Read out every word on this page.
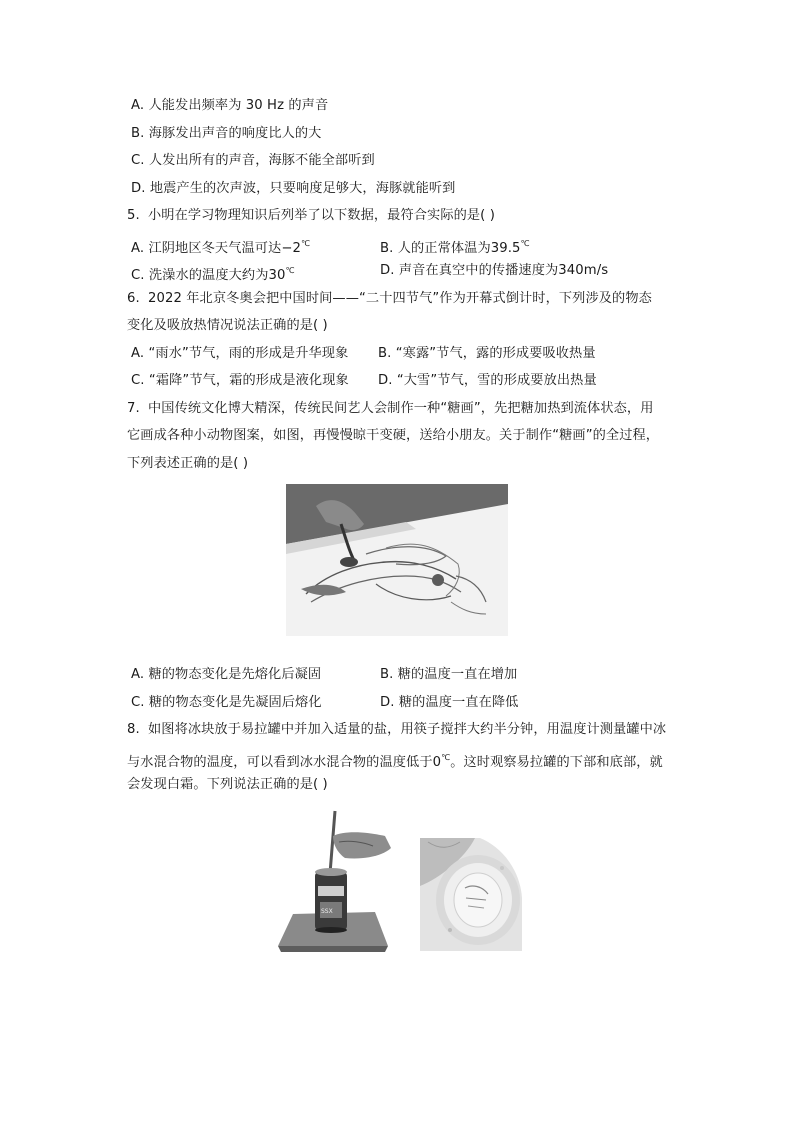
A. 人能发出频率为 30 Hz 的声音
B. 海豚发出声音的响度比人的大
C. 人发出所有的声音，海豚不能全部听到
D. 地震产生的次声波，只要响度足够大，海豚就能听到
5. 小明在学习物理知识后列举了以下数据，最符合实际的是( )
A. 江阴地区冬天气温可达−2℃	B. 人的正常体温为39.5℃
C. 洗澡水的温度大约为30℃	D. 声音在真空中的传播速度为340m/s
6. 2022 年北京冬奥会把中国时间——“二十四节气”作为开幕式倒计时，下列涉及的物态
变化及吸放热情况说法正确的是( )
A. “雨水”节气，雨的形成是升华现象 B. “寒露”节气，露的形成要吸收热量
C. “霜降”节气，霜的形成是液化现象 D. “大雪”节气，雪的形成要放出热量
7. 中国传统文化博大精深，传统民间艺人会制作一种“糖画”，先把糖加热到流体状态，用
它画成各种小动物图案，如图，再慢慢晾干变硬，送给小朋友。关于制作“糖画”的全过程，
下列表述正确的是( )
A. 糖的物态变化是先熔化后凝固	B. 糖的温度一直在增加
C. 糖的物态变化是先凝固后熔化	D. 糖的温度一直在降低
8. 如图将冰块放于易拉罐中并加入适量的盐，用筷子搅拌大约半分钟，用温度计测量罐中冰
与水混合物的温度，可以看到冰水混合物的温度低于0℃。这时观察易拉罐的下部和底部，就
会发现白霜。下列说法正确的是( )
SSX
